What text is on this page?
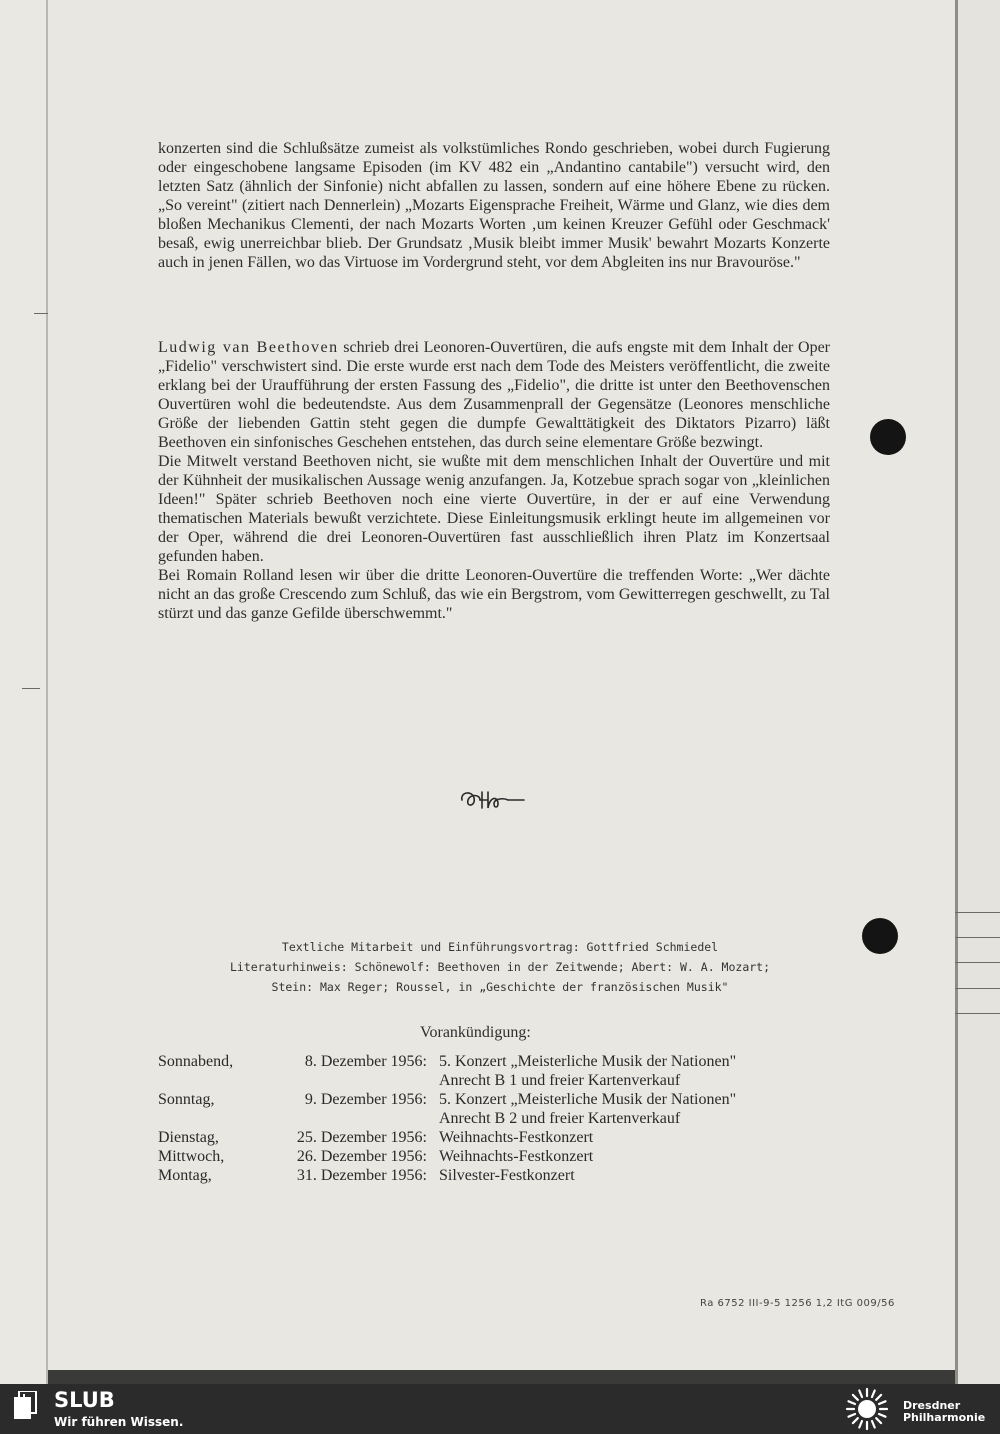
konzerten sind die Schlußsätze zumeist als volkstümliches Rondo geschrieben, wobei durch Fugierung oder eingeschobene langsame Episoden (im KV 482 ein „Andantino cantabile") versucht wird, den letzten Satz (ähnlich der Sinfonie) nicht abfallen zu lassen, sondern auf eine höhere Ebene zu rücken. „So vereint" (zitiert nach Dennerlein) „Mozarts Eigensprache Freiheit, Wärme und Glanz, wie dies dem bloßen Mechanikus Clementi, der nach Mozarts Worten ‚um keinen Kreuzer Gefühl oder Geschmack' besaß, ewig unerreichbar blieb. Der Grundsatz ‚Musik bleibt immer Musik' bewahrt Mozarts Konzerte auch in jenen Fällen, wo das Virtuose im Vordergrund steht, vor dem Abgleiten ins nur Bravouröse."

Ludwig van Beethoven schrieb drei Leonoren-Ouvertüren, die aufs engste mit dem Inhalt der Oper „Fidelio" verschwistert sind. Die erste wurde erst nach dem Tode des Meisters veröffentlicht, die zweite erklang bei der Uraufführung der ersten Fassung des „Fidelio", die dritte ist unter den Beethovenschen Ouvertüren wohl die bedeutendste. Aus dem Zusammenprall der Gegensätze (Leonores menschliche Größe der liebenden Gattin steht gegen die dumpfe Gewalttätigkeit des Diktators Pizarro) läßt Beethoven ein sinfonisches Geschehen entstehen, das durch seine elementare Größe bezwingt.

Die Mitwelt verstand Beethoven nicht, sie wußte mit dem menschlichen Inhalt der Ouvertüre und mit der Kühnheit der musikalischen Aussage wenig anzufangen. Ja, Kotzebue sprach sogar von „kleinlichen Ideen!" Später schrieb Beethoven noch eine vierte Ouvertüre, in der er auf eine Verwendung thematischen Materials bewußt verzichtete. Diese Einleitungsmusik erklingt heute im allgemeinen vor der Oper, während die drei Leonoren-Ouvertüren fast ausschließlich ihren Platz im Konzertsaal gefunden haben.

Bei Romain Rolland lesen wir über die dritte Leonoren-Ouvertüre die treffenden Worte: „Wer dächte nicht an das große Crescendo zum Schluß, das wie ein Bergstrom, vom Gewitterregen geschwellt, zu Tal stürzt und das ganze Gefilde überschwemmt."

Textliche Mitarbeit und Einführungsvortrag: Gottfried Schmiedel
Literaturhinweis: Schönewolf: Beethoven in der Zeitwende; Abert: W. A. Mozart;
Stein: Max Reger; Roussel, in „Geschichte der französischen Musik"
Vorankündigung:
Sonnabend,	8. Dezember 1956:	5. Konzert „Meisterliche Musik der Nationen"
		Anrecht B 1 und freier Kartenverkauf
Sonntag,	9. Dezember 1956:	5. Konzert „Meisterliche Musik der Nationen"
		Anrecht B 2 und freier Kartenverkauf
Dienstag,	25. Dezember 1956:	Weihnachts-Festkonzert
Mittwoch,	26. Dezember 1956:	Weihnachts-Festkonzert
Montag,	31. Dezember 1956:	Silvester-Festkonzert
Ra 6752 III-9-5 1256 1,2 ItG 009/56
SLUB
Wir führen Wissen.
Dresdner
Philharmonie
